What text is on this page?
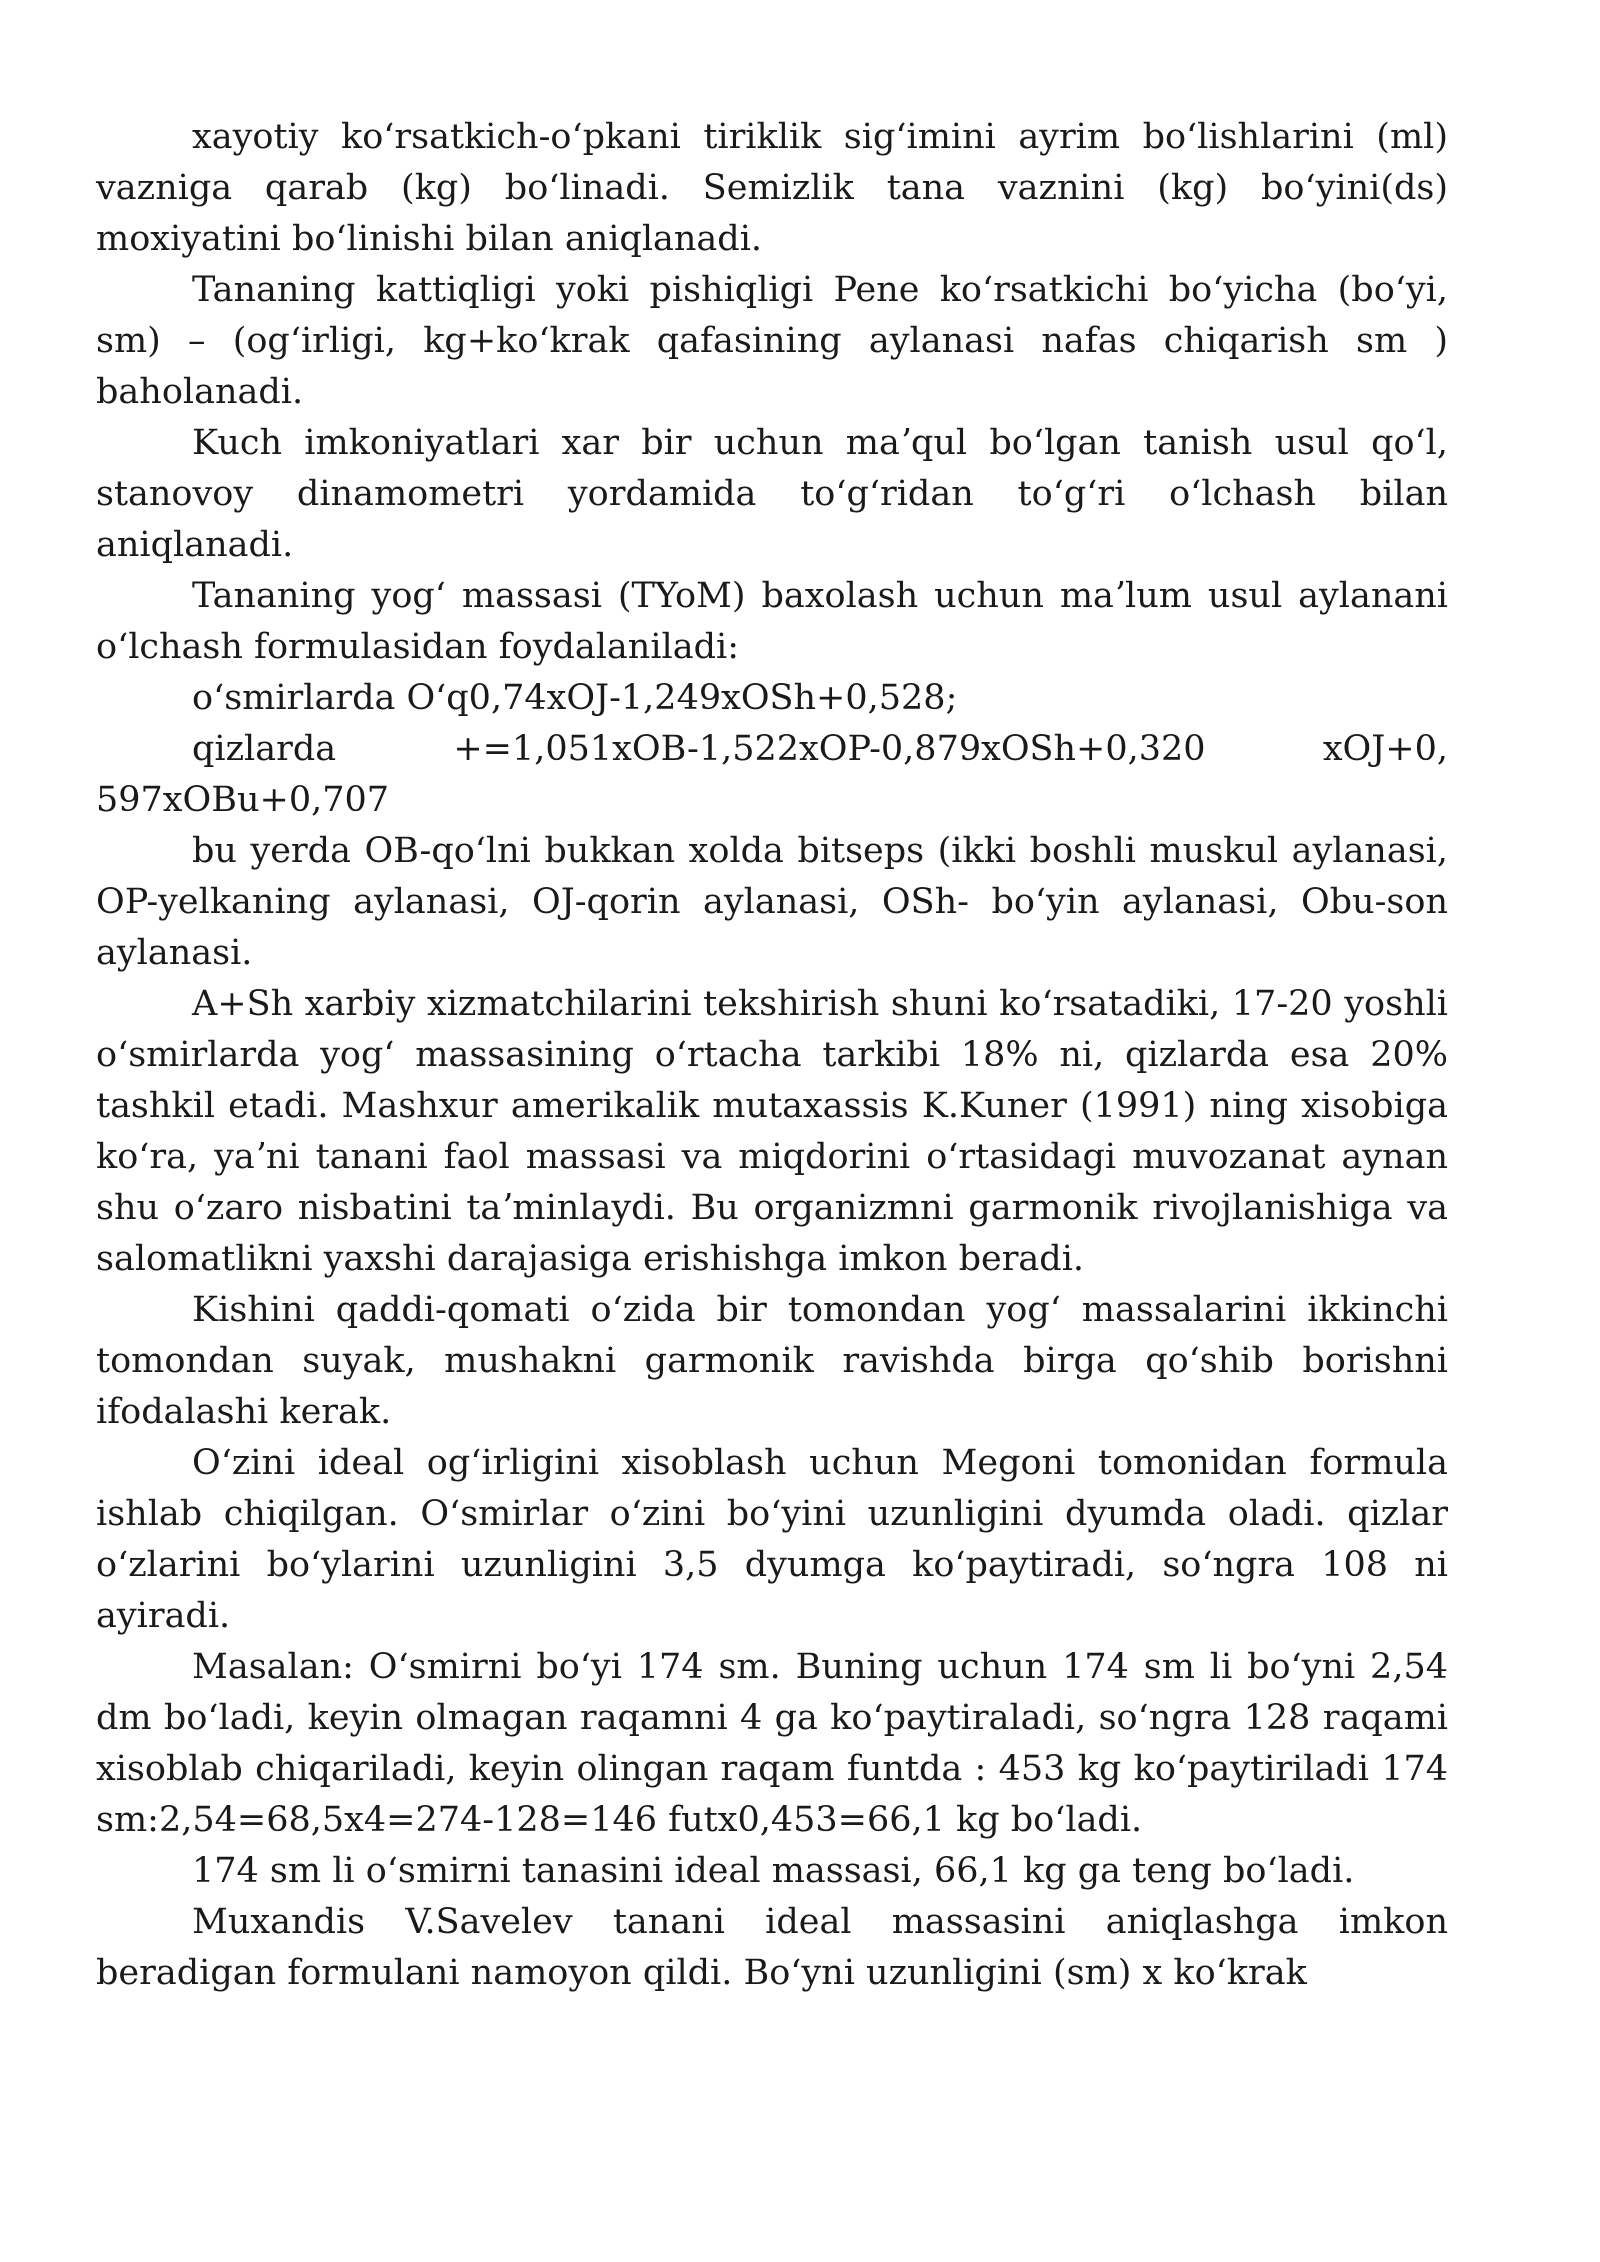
xayotiy koʻrsatkich-oʻpkani tiriklik sigʻimini ayrim boʻlishlarini (ml) vazniga qarab (kg) boʻlinadi. Semizlik tana vaznini (kg) boʻyini(ds) moxiyatini boʻlinishi bilan aniqlanadi.

Tananing kattiqligi yoki pishiqligi Pene koʻrsatkichi boʻyicha (boʻyi, sm) – (ogʻirligi, kg+koʻkrak qafasining aylanasi nafas chiqarish sm ) baholanadi.

Kuch imkoniyatlari xar bir uchun maʼqul boʻlgan tanish usul qoʻl, stanovoy dinamometri yordamida toʻgʻridan toʻgʻri oʻlchash bilan aniqlanadi.

Tananing yogʻ massasi (TYoM) baxolash uchun maʼlum usul aylanani oʻlchash formulasidan foydalaniladi:

oʻsmirlarda Oʻq0,74xOJ-1,249xOSh+0,528;

qizlarda +=1,051xOB-1,522xOP-0,879xOSh+0,320 xOJ+0, 597xOBu+0,707

bu yerda OB-qoʻlni bukkan xolda bitseps (ikki boshli muskul aylanasi, OP-yelkaning aylanasi, OJ-qorin aylanasi, OSh- boʻyin aylanasi, Obu-son aylanasi.

A+Sh xarbiy xizmatchilarini tekshirish shuni koʻrsatadiki, 17-20 yoshli oʻsmirlarda yogʻ massasining oʻrtacha tarkibi 18% ni, qizlarda esa 20% tashkil etadi. Mashxur amerikalik mutaxassis K.Kuner (1991) ning xisobiga koʻra, yaʼni tanani faol massasi va miqdorini oʻrtasidagi muvozanat aynan shu oʻzaro nisbatini taʼminlaydi. Bu organizmni garmonik rivojlanishiga va salomatlikni yaxshi darajasiga erishishga imkon beradi.

Kishini qaddi-qomati oʻzida bir tomondan yogʻ massalarini ikkinchi tomondan suyak, mushakni garmonik ravishda birga qoʻshib borishni ifodalashi kerak.

Oʻzini ideal ogʻirligini xisoblash uchun Megoni tomonidan formula ishlab chiqilgan. Oʻsmirlar oʻzini boʻyini uzunligini dyumda oladi. qizlar oʻzlarini boʻylarini uzunligini 3,5 dyumga koʻpaytiradi, soʻngra 108 ni ayiradi.

Masalan: Oʻsmirni boʻyi 174 sm. Buning uchun 174 sm li boʻyni 2,54 dm boʻladi, keyin olmagan raqamni 4 ga koʻpaytiraladi, soʻngra 128 raqami xisoblab chiqariladi, keyin olingan raqam funtda : 453 kg koʻpaytiriladi 174 sm:2,54=68,5x4=274-128=146 futx0,453=66,1 kg boʻladi.

174 sm li oʻsmirni tanasini ideal massasi, 66,1 kg ga teng boʻladi.

Muxandis V.Savelev tanani ideal massasini aniqlashga imkon beradigan formulani namoyon qildi. Boʻyni uzunligini (sm) x koʻkrak
